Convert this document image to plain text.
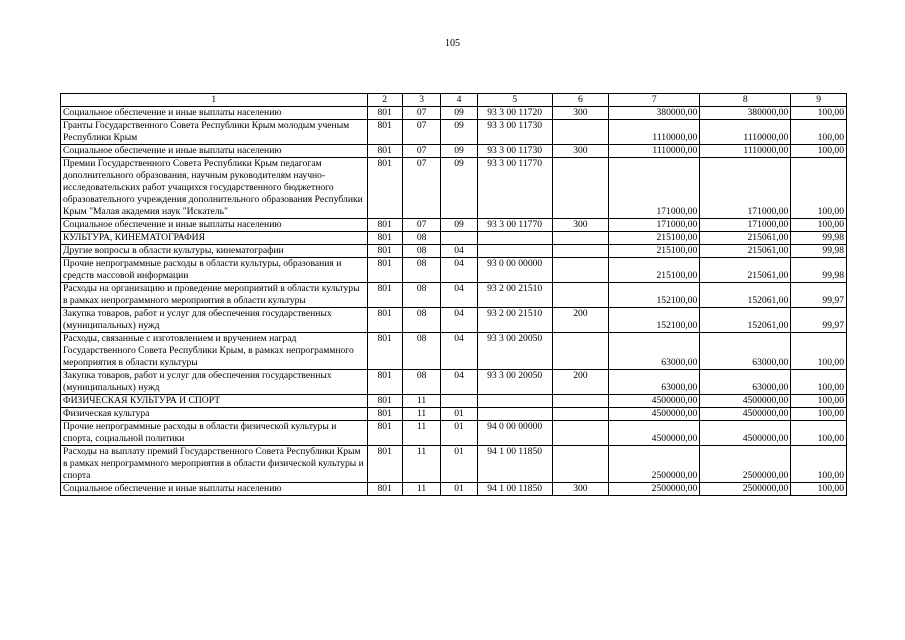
105
1	2	3	4	5	6	7	8	9
Социальное обеспечение и иные выплаты населению	801	07	09	93 3 00 11720	300	380000,00	380000,00	100,00
Гранты Государственного Совета Республики Крым молодым ученым Республики Крым	801	07	09	93 3 00 11730		1110000,00	1110000,00	100,00
Социальное обеспечение и иные выплаты населению	801	07	09	93 3 00 11730	300	1110000,00	1110000,00	100,00
Премии Государственного Совета Республики Крым педагогам дополнительного образования, научным руководителям научно-исследовательских работ учащихся государственного бюджетного образовательного учреждения дополнительного образования Республики Крым "Малая академия наук "Искатель"	801	07	09	93 3 00 11770		171000,00	171000,00	100,00
Социальное обеспечение и иные выплаты населению	801	07	09	93 3 00 11770	300	171000,00	171000,00	100,00
КУЛЬТУРА, КИНЕМАТОГРАФИЯ	801	08				215100,00	215061,00	99,98
Другие вопросы в области культуры, кинематографии	801	08	04			215100,00	215061,00	99,98
Прочие непрограммные расходы в области культуры, образования и средств массовой информации	801	08	04	93 0 00 00000		215100,00	215061,00	99,98
Расходы на организацию и проведение мероприятий в области культуры в рамках непрограммного мероприятия в области культуры	801	08	04	93 2 00 21510		152100,00	152061,00	99,97
Закупка товаров, работ и услуг для обеспечения государственных (муниципальных) нужд	801	08	04	93 2 00 21510	200	152100,00	152061,00	99,97
Расходы, связанные с изготовлением и вручением наград Государственного Совета Республики Крым, в рамках непрограммного мероприятия в области культуры	801	08	04	93 3 00 20050		63000,00	63000,00	100,00
Закупка товаров, работ и услуг для обеспечения государственных (муниципальных) нужд	801	08	04	93 3 00 20050	200	63000,00	63000,00	100,00
ФИЗИЧЕСКАЯ КУЛЬТУРА И СПОРТ	801	11				4500000,00	4500000,00	100,00
Физическая культура	801	11	01			4500000,00	4500000,00	100,00
Прочие непрограммные расходы в области физической культуры и спорта, социальной политики	801	11	01	94 0 00 00000		4500000,00	4500000,00	100,00
Расходы на выплату премий Государственного Совета Республики Крым в рамках непрограммного мероприятия в области физической культуры и спорта	801	11	01	94 1 00 11850		2500000,00	2500000,00	100,00
Социальное обеспечение и иные выплаты населению	801	11	01	94 1 00 11850	300	2500000,00	2500000,00	100,00
